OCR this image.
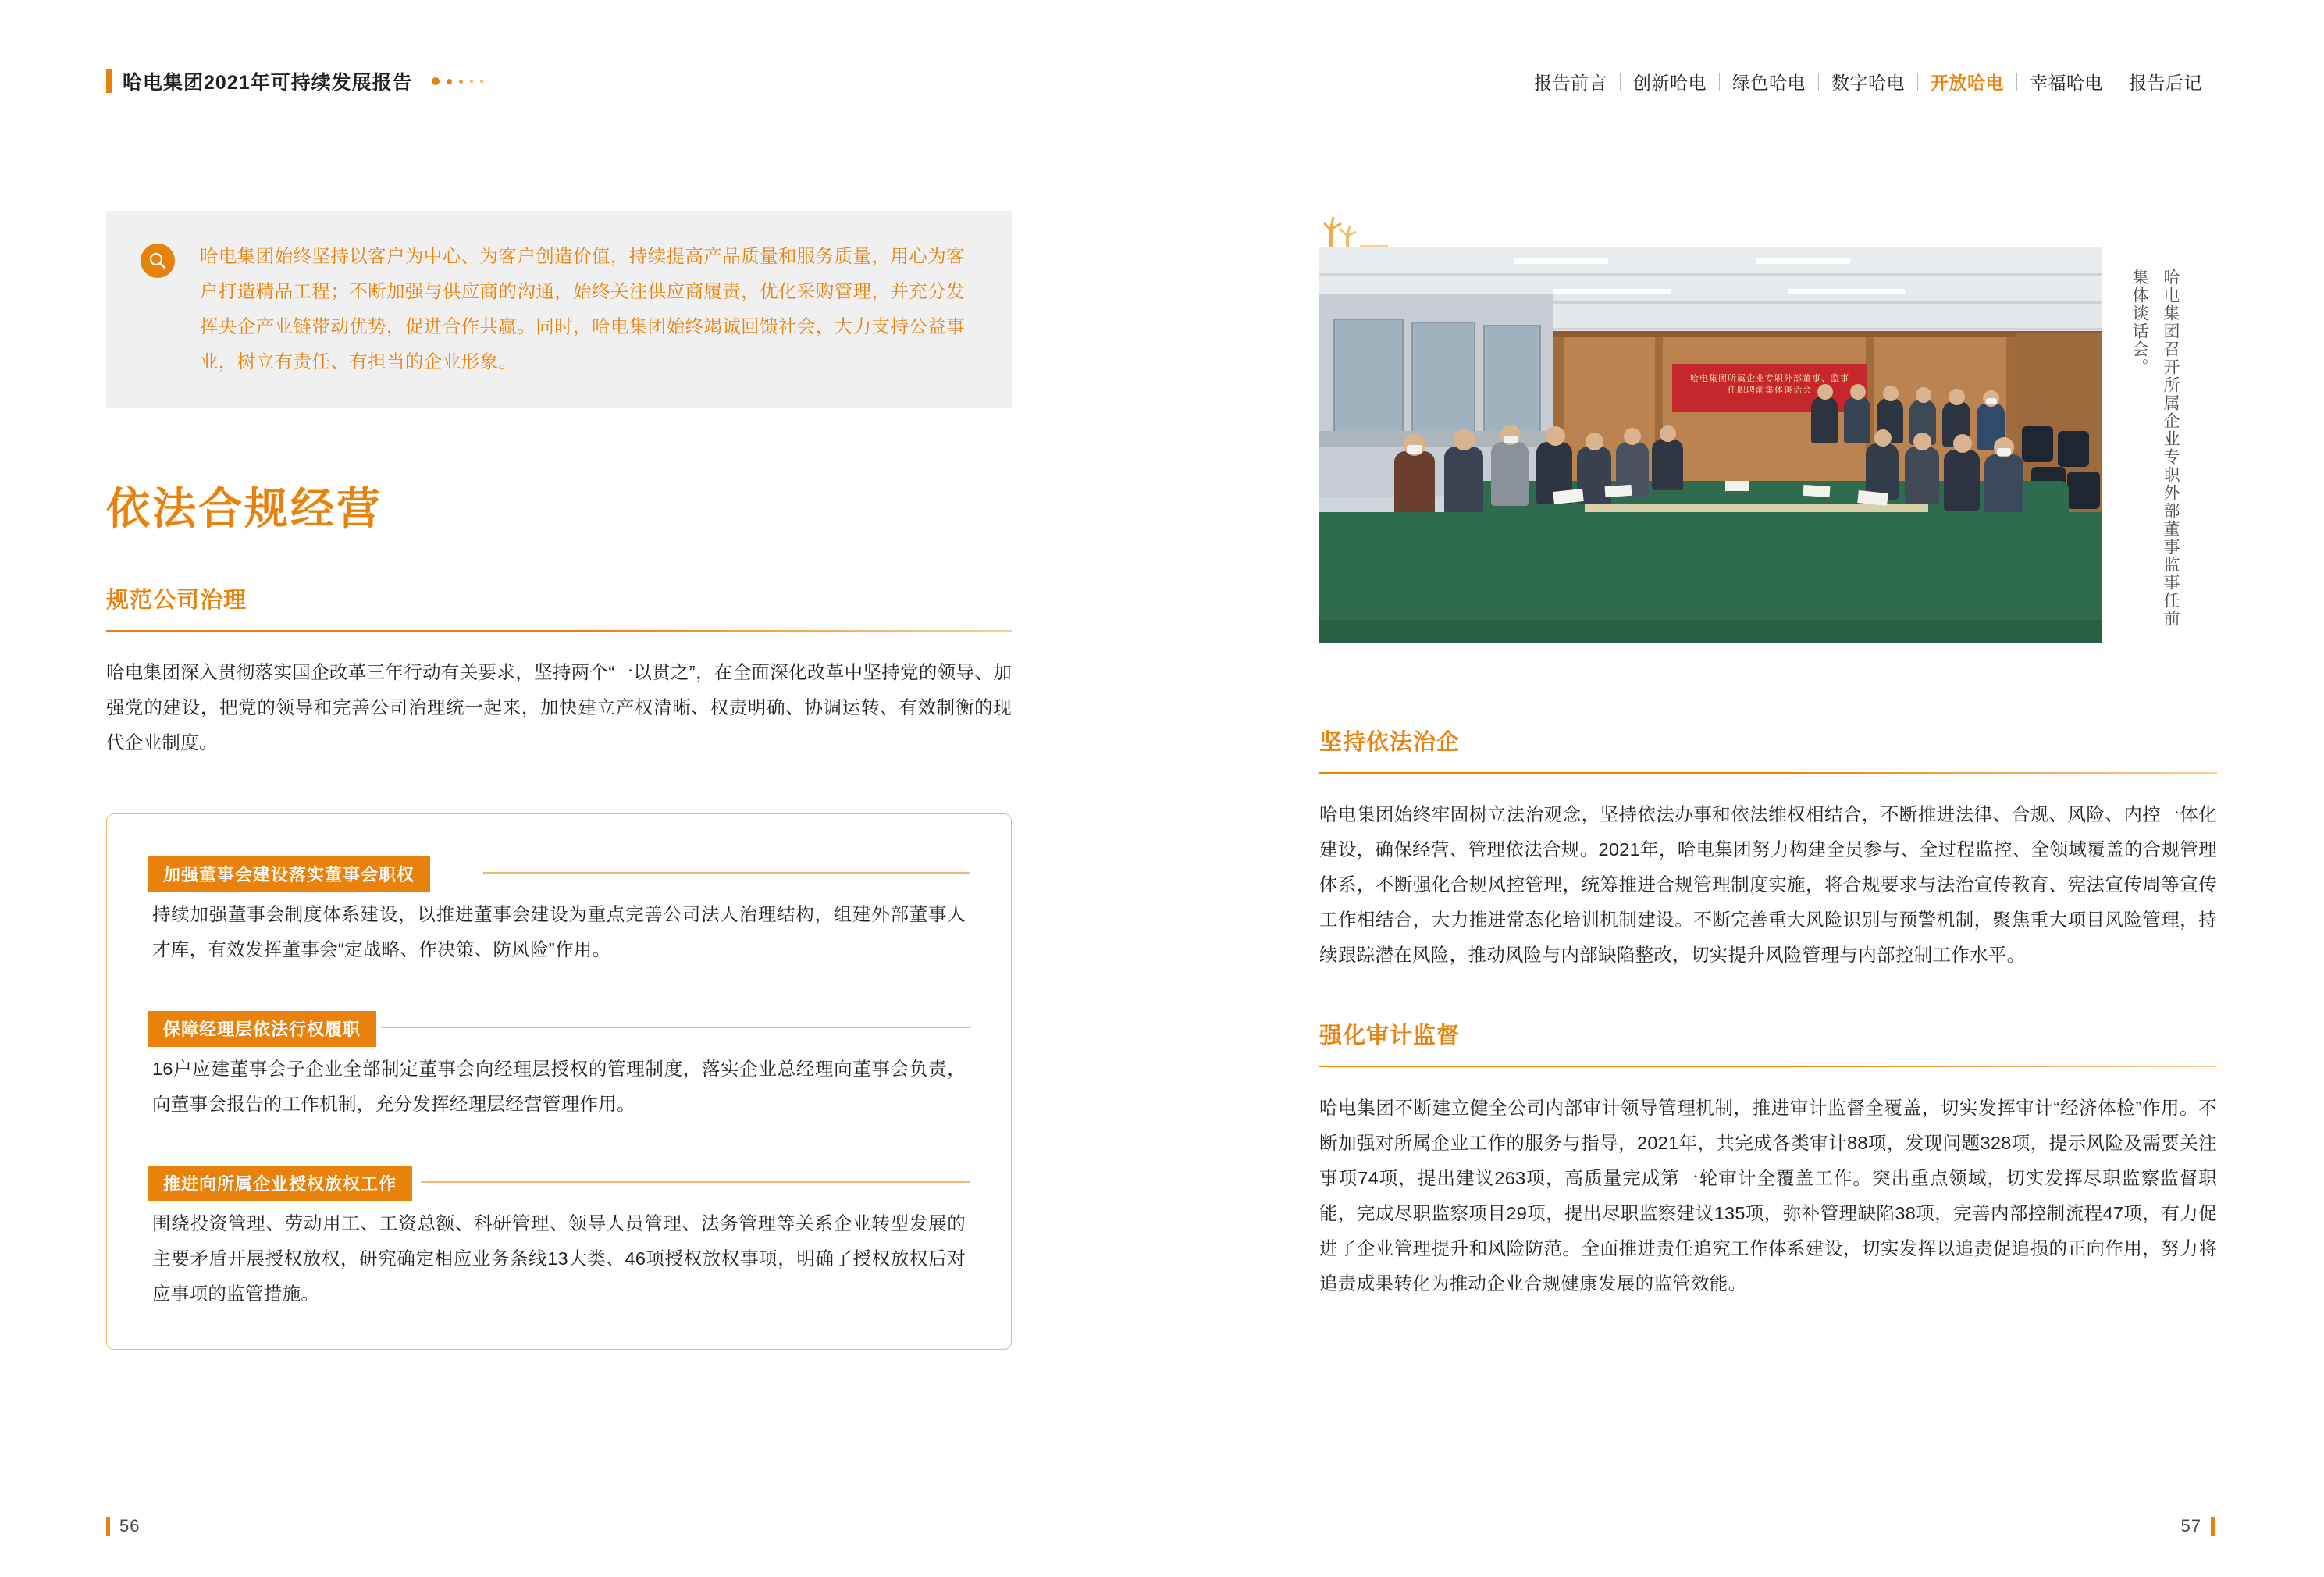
哈电集团2021年可持续发展报告	报告前言	创新哈电	绿色哈电	数字哈电	开放哈电	幸福哈电	报告后记
哈电集团始终坚持以客户为中心、为客户创造价值，持续提高产品质量和服务质量，用心为客户打造精品工程；不断加强与供应商的沟通，始终关注供应商履责，优化采购管理，并充分发挥央企产业链带动优势，促进合作共赢。同时，哈电集团始终竭诚回馈社会，大力支持公益事业，树立有责任、有担当的企业形象。
依法合规经营
规范公司治理
哈电集团深入贯彻落实国企改革三年行动有关要求，坚持两个“一以贯之”，在全面深化改革中坚持党的领导、加强党的建设，把党的领导和完善公司治理统一起来，加快建立产权清晰、权责明确、协调运转、有效制衡的现代企业制度。
加强董事会建设落实董事会职权
持续加强董事会制度体系建设，以推进董事会建设为重点完善公司法人治理结构，组建外部董事人才库，有效发挥董事会“定战略、作决策、防风险”作用。
保障经理层依法行权履职
16户应建董事会子企业全部制定董事会向经理层授权的管理制度，落实企业总经理向董事会负责，向董事会报告的工作机制，充分发挥经理层经营管理作用。
推进向所属企业授权放权工作
围绕投资管理、劳动用工、工资总额、科研管理、领导人员管理、法务管理等关系企业转型发展的主要矛盾开展授权放权，研究确定相应业务条线13大类、46项授权放权事项，明确了授权放权后对应事项的监管措施。
哈电集团所属企业专职外部董事、监事
任职聘前集体谈话会	哈电集团召开所属企业专职外部董事监事任前集体谈话会。
坚持依法治企
哈电集团始终牢固树立法治观念，坚持依法办事和依法维权相结合，不断推进法律、合规、风险、内控一体化建设，确保经营、管理依法合规。2021年，哈电集团努力构建全员参与、全过程监控、全领域覆盖的合规管理体系，不断强化合规风控管理，统筹推进合规管理制度实施，将合规要求与法治宣传教育、宪法宣传周等宣传工作相结合，大力推进常态化培训机制建设。不断完善重大风险识别与预警机制，聚焦重大项目风险管理，持续跟踪潜在风险，推动风险与内部缺陷整改，切实提升风险管理与内部控制工作水平。
强化审计监督
哈电集团不断建立健全公司内部审计领导管理机制，推进审计监督全覆盖，切实发挥审计“经济体检”作用。不断加强对所属企业工作的服务与指导，2021年，共完成各类审计88项，发现问题328项，提示风险及需要关注事项74项，提出建议263项，高质量完成第一轮审计全覆盖工作。突出重点领域，切实发挥尽职监察监督职能，完成尽职监察项目29项，提出尽职监察建议135项，弥补管理缺陷38项，完善内部控制流程47项，有力促进了企业管理提升和风险防范。全面推进责任追究工作体系建设，切实发挥以追责促追损的正向作用，努力将追责成果转化为推动企业合规健康发展的监管效能。
56	57
